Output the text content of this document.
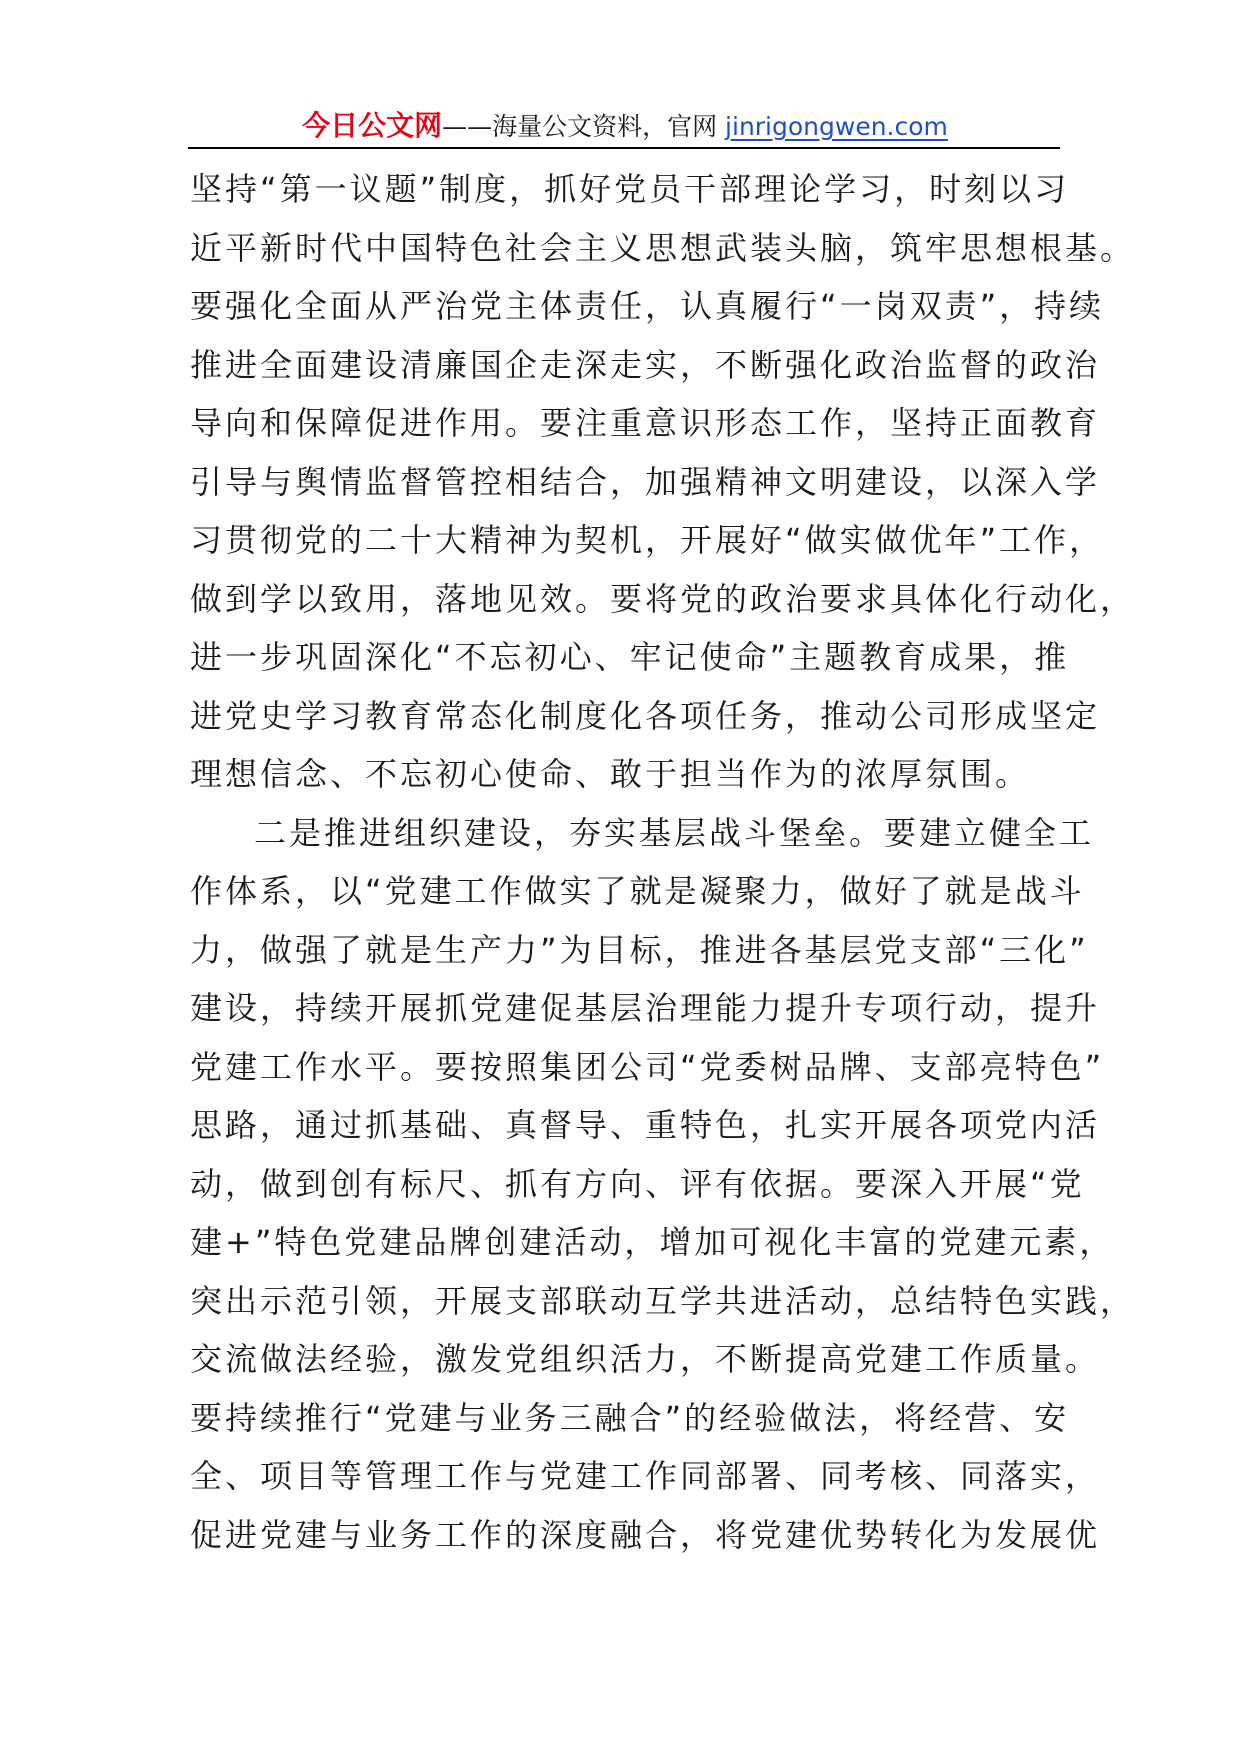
今日公文网——海量公文资料，官网 jinrigongwen.com
坚持“第一议题”制度，抓好党员干部理论学习，时刻以习
近平新时代中国特色社会主义思想武装头脑，筑牢思想根基。
要强化全面从严治党主体责任，认真履行“一岗双责”，持续
推进全面建设清廉国企走深走实，不断强化政治监督的政治
导向和保障促进作用。要注重意识形态工作，坚持正面教育
引导与舆情监督管控相结合，加强精神文明建设，以深入学
习贯彻党的二十大精神为契机，开展好“做实做优年”工作，
做到学以致用，落地见效。要将党的政治要求具体化行动化，
进一步巩固深化“不忘初心、牢记使命”主题教育成果，推
进党史学习教育常态化制度化各项任务，推动公司形成坚定
理想信念、不忘初心使命、敢于担当作为的浓厚氛围。
二是推进组织建设，夯实基层战斗堡垒。要建立健全工
作体系，以“党建工作做实了就是凝聚力，做好了就是战斗
力，做强了就是生产力”为目标，推进各基层党支部“三化”
建设，持续开展抓党建促基层治理能力提升专项行动，提升
党建工作水平。要按照集团公司“党委树品牌、支部亮特色”
思路，通过抓基础、真督导、重特色，扎实开展各项党内活
动，做到创有标尺、抓有方向、评有依据。要深入开展“党
建+”特色党建品牌创建活动，增加可视化丰富的党建元素，
突出示范引领，开展支部联动互学共进活动，总结特色实践，
交流做法经验，激发党组织活力，不断提高党建工作质量。
要持续推行“党建与业务三融合”的经验做法，将经营、安
全、项目等管理工作与党建工作同部署、同考核、同落实，
促进党建与业务工作的深度融合，将党建优势转化为发展优
